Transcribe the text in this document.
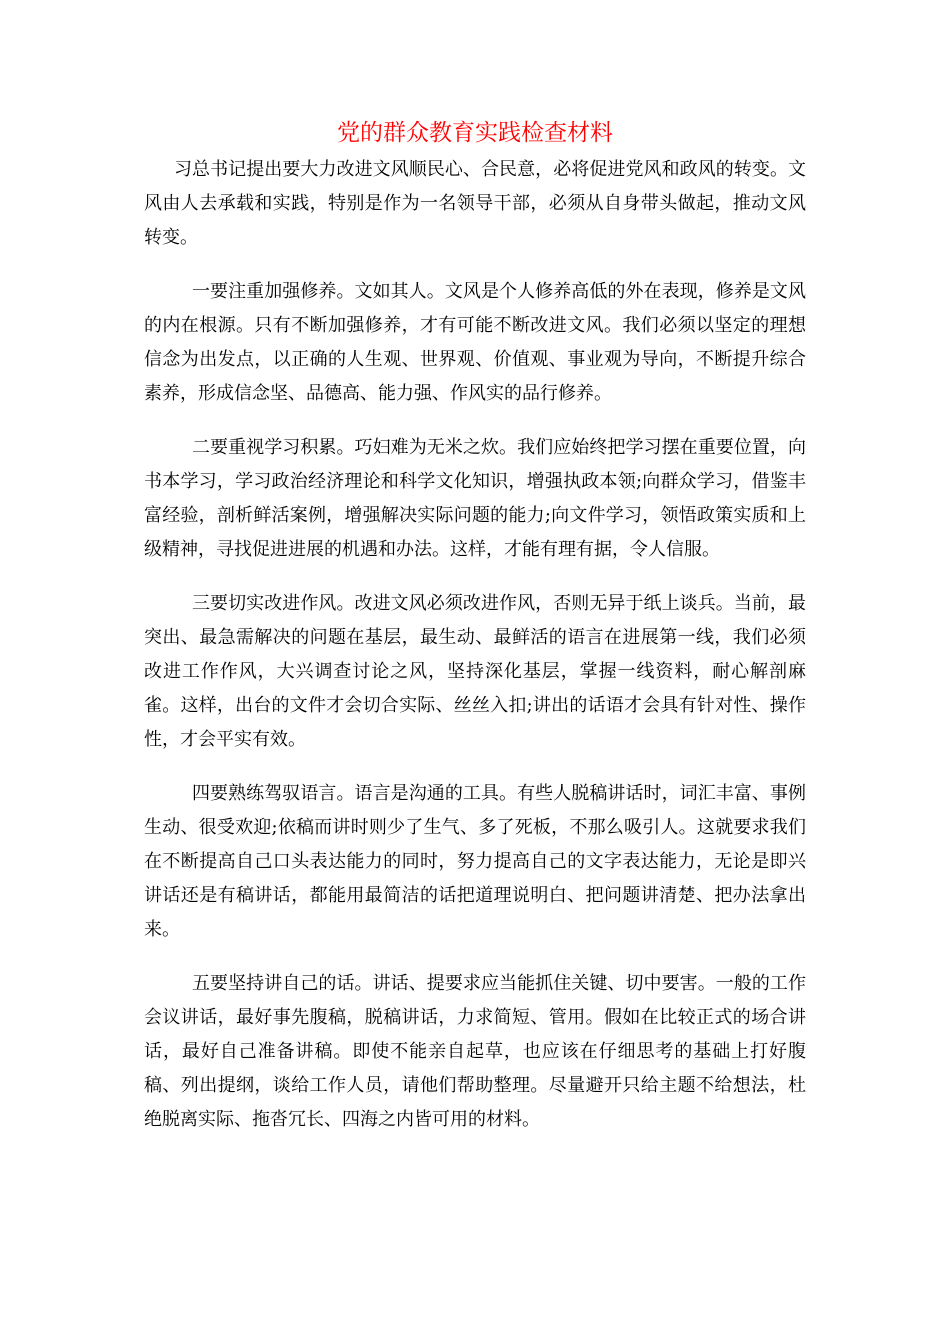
党的群众教育实践检查材料

习总书记提出要大力改进文风顺民心、合民意，必将促进党风和政风的转变。文风由人去承载和实践，特别是作为一名领导干部，必须从自身带头做起，推动文风转变。

一要注重加强修养。文如其人。文风是个人修养高低的外在表现，修养是文风的内在根源。只有不断加强修养，才有可能不断改进文风。我们必须以坚定的理想信念为出发点，以正确的人生观、世界观、价值观、事业观为导向，不断提升综合素养，形成信念坚、品德高、能力强、作风实的品行修养。

二要重视学习积累。巧妇难为无米之炊。我们应始终把学习摆在重要位置，向书本学习，学习政治经济理论和科学文化知识，增强执政本领;向群众学习，借鉴丰富经验，剖析鲜活案例，增强解决实际问题的能力;向文件学习，领悟政策实质和上级精神，寻找促进进展的机遇和办法。这样，才能有理有据，令人信服。

三要切实改进作风。改进文风必须改进作风，否则无异于纸上谈兵。当前，最突出、最急需解决的问题在基层，最生动、最鲜活的语言在进展第一线，我们必须改进工作作风，大兴调查讨论之风，坚持深化基层，掌握一线资料，耐心解剖麻雀。这样，出台的文件才会切合实际、丝丝入扣;讲出的话语才会具有针对性、操作性，才会平实有效。

四要熟练驾驭语言。语言是沟通的工具。有些人脱稿讲话时，词汇丰富、事例生动、很受欢迎;依稿而讲时则少了生气、多了死板，不那么吸引人。这就要求我们在不断提高自己口头表达能力的同时，努力提高自己的文字表达能力，无论是即兴讲话还是有稿讲话，都能用最简洁的话把道理说明白、把问题讲清楚、把办法拿出来。

五要坚持讲自己的话。讲话、提要求应当能抓住关键、切中要害。一般的工作会议讲话，最好事先腹稿，脱稿讲话，力求简短、管用。假如在比较正式的场合讲话，最好自己准备讲稿。即使不能亲自起草，也应该在仔细思考的基础上打好腹稿、列出提纲，谈给工作人员，请他们帮助整理。尽量避开只给主题不给想法，杜绝脱离实际、拖沓冗长、四海之内皆可用的材料。
